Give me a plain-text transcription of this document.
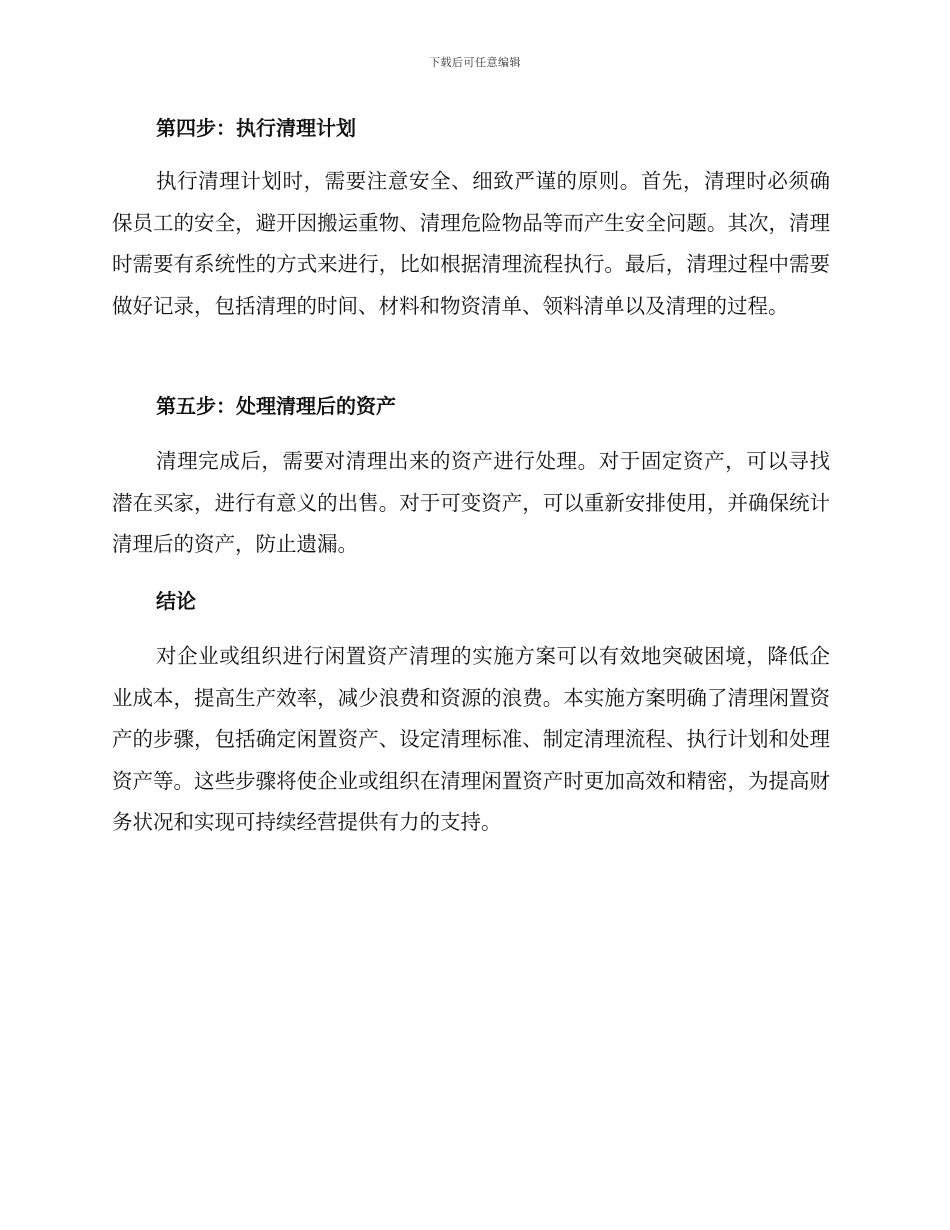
下载后可任意编辑
第四步：执行清理计划

执行清理计划时，需要注意安全、细致严谨的原则。首先，清理时必须确保员工的安全，避开因搬运重物、清理危险物品等而产生安全问题。其次，清理时需要有系统性的方式来进行，比如根据清理流程执行。最后，清理过程中需要做好记录，包括清理的时间、材料和物资清单、领料清单以及清理的过程。

第五步：处理清理后的资产

清理完成后，需要对清理出来的资产进行处理。对于固定资产，可以寻找潜在买家，进行有意义的出售。对于可变资产，可以重新安排使用，并确保统计清理后的资产，防止遗漏。

结论

对企业或组织进行闲置资产清理的实施方案可以有效地突破困境，降低企业成本，提高生产效率，减少浪费和资源的浪费。本实施方案明确了清理闲置资产的步骤，包括确定闲置资产、设定清理标准、制定清理流程、执行计划和处理资产等。这些步骤将使企业或组织在清理闲置资产时更加高效和精密，为提高财务状况和实现可持续经营提供有力的支持。
